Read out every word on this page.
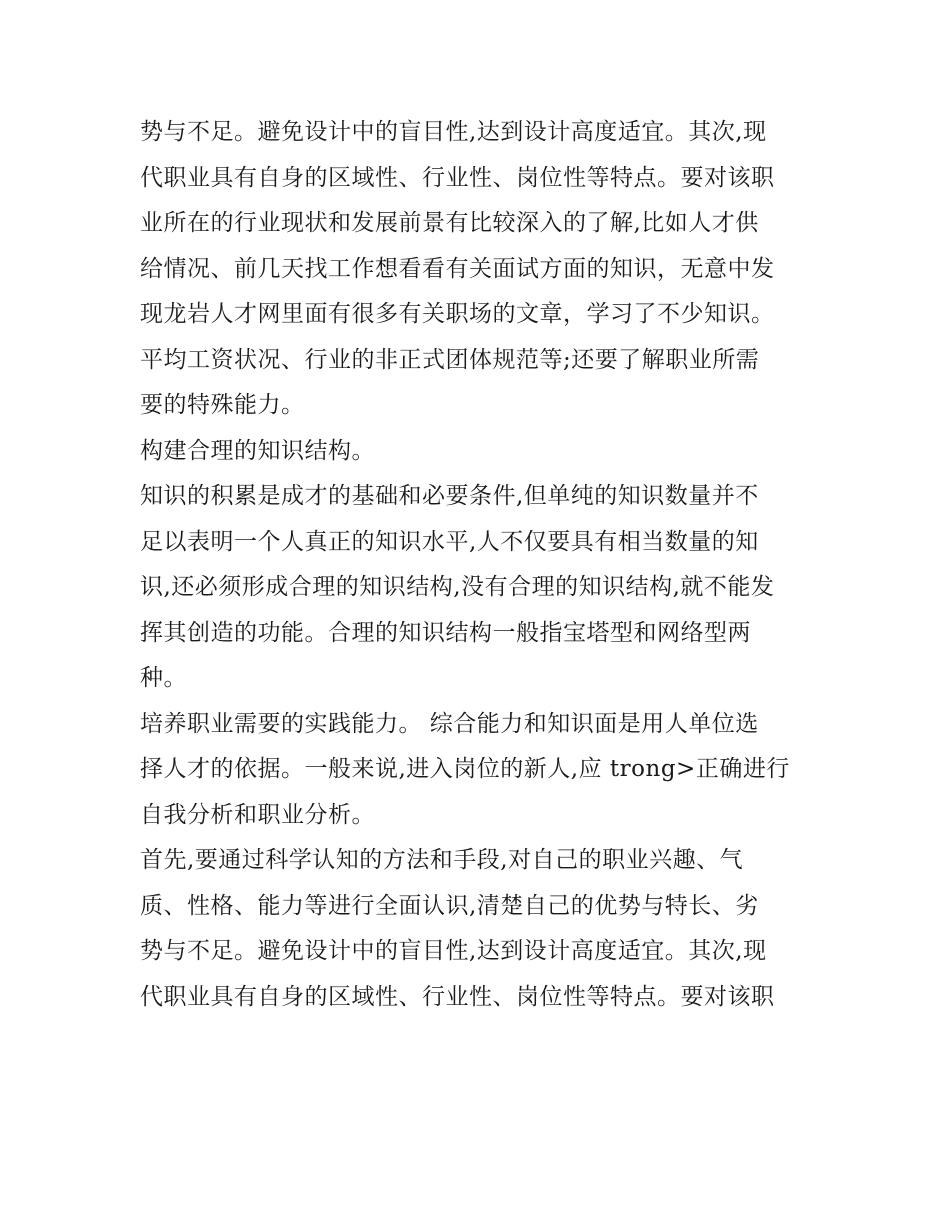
势与不足。避免设计中的盲目性,达到设计高度适宜。其次,现
代职业具有自身的区域性、行业性、岗位性等特点。要对该职
业所在的行业现状和发展前景有比较深入的了解,比如人才供
给情况、前几天找工作想看看有关面试方面的知识，无意中发
现龙岩人才网里面有很多有关职场的文章，学习了不少知识。
平均工资状况、行业的非正式团体规范等;还要了解职业所需
要的特殊能力。
构建合理的知识结构。
知识的积累是成才的基础和必要条件,但单纯的知识数量并不
足以表明一个人真正的知识水平,人不仅要具有相当数量的知
识,还必须形成合理的知识结构,没有合理的知识结构,就不能发
挥其创造的功能。合理的知识结构一般指宝塔型和网络型两
种。
培养职业需要的实践能力。 综合能力和知识面是用人单位选
择人才的依据。一般来说,进入岗位的新人,应 trong>正确进行
自我分析和职业分析。
首先,要通过科学认知的方法和手段,对自己的职业兴趣、气
质、性格、能力等进行全面认识,清楚自己的优势与特长、劣
势与不足。避免设计中的盲目性,达到设计高度适宜。其次,现
代职业具有自身的区域性、行业性、岗位性等特点。要对该职
